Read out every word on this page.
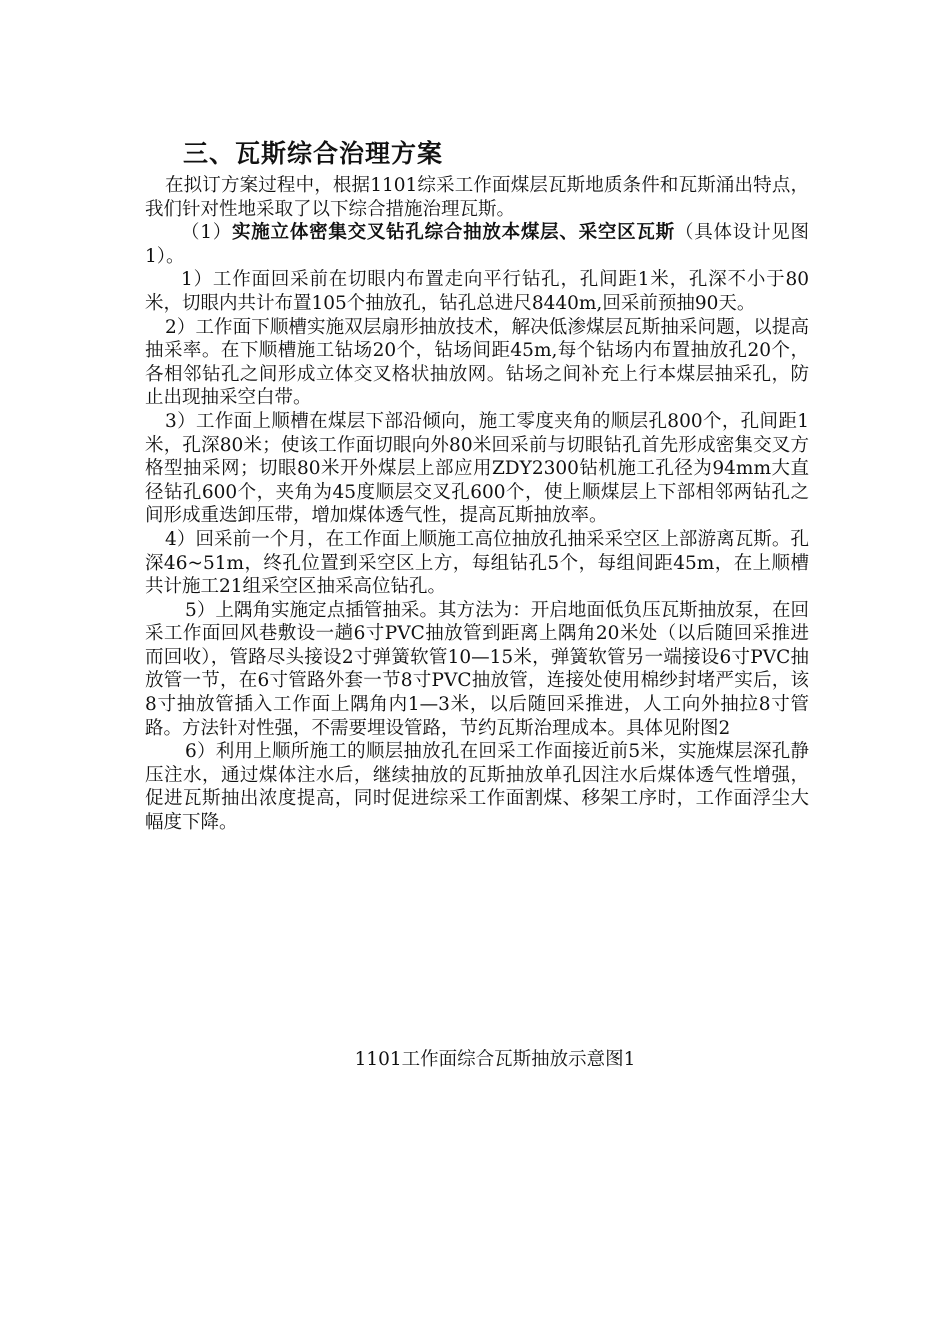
三、瓦斯综合治理方案

在拟订方案过程中，根据1101综采工作面煤层瓦斯地质条件和瓦斯涌出特点，我们针对性地采取了以下综合措施治理瓦斯。

（1）实施立体密集交叉钻孔综合抽放本煤层、采空区瓦斯（具体设计见图1）。

1）工作面回采前在切眼内布置走向平行钻孔，孔间距1米，孔深不小于80米，切眼内共计布置105个抽放孔，钻孔总进尺8440m,回采前预抽90天。

2）工作面下顺槽实施双层扇形抽放技术，解决低渗煤层瓦斯抽采问题，以提高抽采率。在下顺槽施工钻场20个，钻场间距45m,每个钻场内布置抽放孔20个，各相邻钻孔之间形成立体交叉格状抽放网。钻场之间补充上行本煤层抽采孔，防止出现抽采空白带。

3）工作面上顺槽在煤层下部沿倾向，施工零度夹角的顺层孔800个，孔间距1米，孔深80米；使该工作面切眼向外80米回采前与切眼钻孔首先形成密集交叉方格型抽采网；切眼80米开外煤层上部应用ZDY2300钻机施工孔径为94mm大直径钻孔600个，夹角为45度顺层交叉孔600个，使上顺煤层上下部相邻两钻孔之间形成重迭卸压带，增加煤体透气性，提高瓦斯抽放率。

4）回采前一个月，在工作面上顺施工高位抽放孔抽采采空区上部游离瓦斯。孔深46~51m，终孔位置到采空区上方，每组钻孔5个，每组间距45m，在上顺槽共计施工21组采空区抽采高位钻孔。

5）上隅角实施定点插管抽采。其方法为：开启地面低负压瓦斯抽放泵，在回采工作面回风巷敷设一趟6寸PVC抽放管到距离上隅角20米处（以后随回采推进而回收），管路尽头接设2寸弹簧软管10—15米，弹簧软管另一端接设6寸PVC抽放管一节，在6寸管路外套一节8寸PVC抽放管，连接处使用棉纱封堵严实后，该8寸抽放管插入工作面上隅角内1—3米，以后随回采推进，人工向外抽拉8寸管路。方法针对性强，不需要埋设管路，节约瓦斯治理成本。具体见附图2

6）利用上顺所施工的顺层抽放孔在回采工作面接近前5米，实施煤层深孔静压注水，通过煤体注水后，继续抽放的瓦斯抽放单孔因注水后煤体透气性增强，促进瓦斯抽出浓度提高，同时促进综采工作面割煤、移架工序时，工作面浮尘大幅度下降。

1101工作面综合瓦斯抽放示意图1
